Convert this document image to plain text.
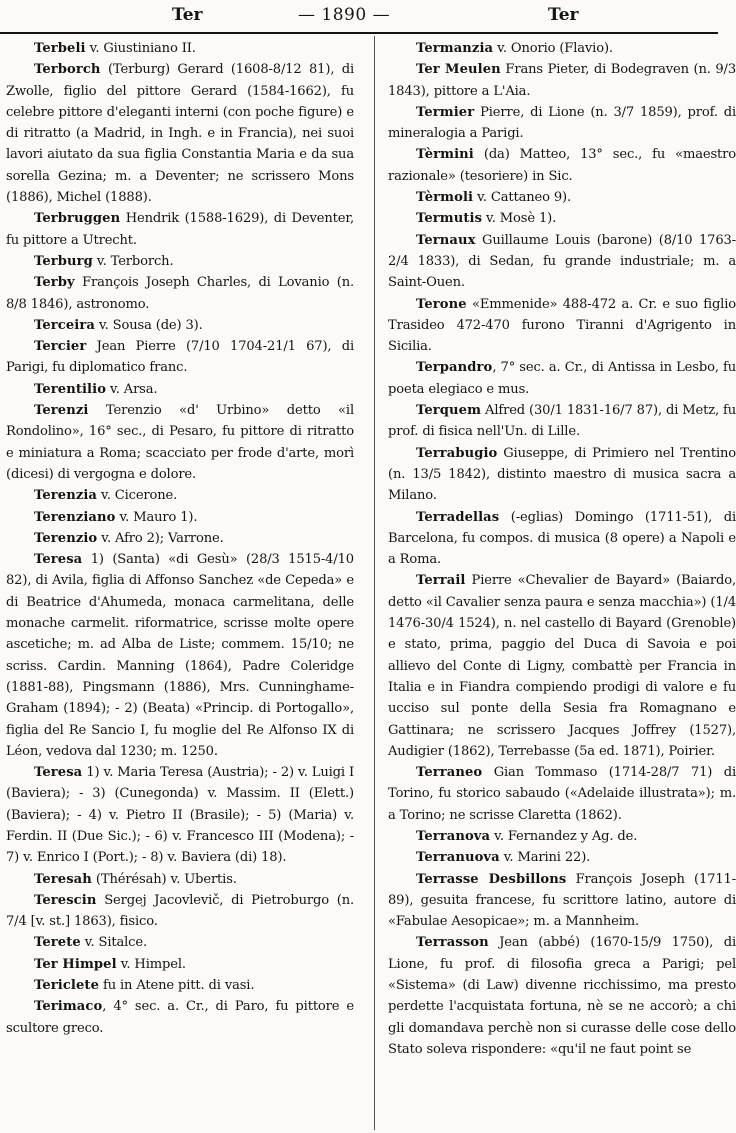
Ter	— 1890 —	Ter

Terbeli v. Giustiniano II.

Terborch (Terburg) Gerard (1608-8/12 81), di Zwolle, figlio del pittore Gerard (1584-1662), fu celebre pittore d'eleganti interni (con poche figure) e di ritratto (a Madrid, in Ingh. e in Francia), nei suoi lavori aiutato da sua figlia Constantia Maria e da sua sorella Gezina; m. a Deventer; ne scrissero Mons (1886), Michel (1888).

Terbruggen Hendrik (1588-1629), di Deventer, fu pittore a Utrecht.

Terburg v. Terborch.

Terby François Joseph Charles, di Lovanio (n. 8/8 1846), astronomo.

Terceira v. Sousa (de) 3).

Tercier Jean Pierre (7/10 1704-21/1 67), di Parigi, fu diplomatico franc.

Terentilio v. Arsa.

Terenzi Terenzio «d' Urbino» detto «il Rondolino», 16° sec., di Pesaro, fu pittore di ritratto e miniatura a Roma; scacciato per frode d'arte, morì (dicesi) di vergogna e dolore.

Terenzia v. Cicerone.

Terenziano v. Mauro 1).

Terenzio v. Afro 2); Varrone.

Teresa 1) (Santa) «di Gesù» (28/3 1515-4/10 82), di Avila, figlia di Affonso Sanchez «de Cepeda» e di Beatrice d'Ahumeda, monaca carmelitana, delle monache carmelit. riformatrice, scrisse molte opere ascetiche; m. ad Alba de Liste; commem. 15/10; ne scriss. Cardin. Manning (1864), Padre Coleridge (1881-88), Pingsmann (1886), Mrs. Cunninghame-Graham (1894); - 2) (Beata) «Princip. di Portogallo», figlia del Re Sancio I, fu moglie del Re Alfonso IX di Léon, vedova dal 1230; m. 1250.

Teresa 1) v. Maria Teresa (Austria); - 2) v. Luigi I (Baviera); - 3) (Cunegonda) v. Massim. II (Elett.) (Baviera); - 4) v. Pietro II (Brasile); - 5) (Maria) v. Ferdin. II (Due Sic.); - 6) v. Francesco III (Modena); - 7) v. Enrico I (Port.); - 8) v. Baviera (di) 18).

Teresah (Thérésah) v. Ubertis.

Terescin Sergej Jacovlevič, di Pietroburgo (n. 7/4 [v. st.] 1863), fisico.

Terete v. Sitalce.

Ter Himpel v. Himpel.

Tericlete fu in Atene pitt. di vasi.

Terimaco, 4° sec. a. Cr., di Paro, fu pittore e scultore greco.

Termanzia v. Onorio (Flavio).

Ter Meulen Frans Pieter, di Bodegraven (n. 9/3 1843), pittore a L'Aia.

Termier Pierre, di Lione (n. 3/7 1859), prof. di mineralogia a Parigi.

Tèrmini (da) Matteo, 13° sec., fu «maestro razionale» (tesoriere) in Sic.

Tèrmoli v. Cattaneo 9).

Termutis v. Mosè 1).

Ternaux Guillaume Louis (barone) (8/10 1763-2/4 1833), di Sedan, fu grande industriale; m. a Saint-Ouen.

Terone «Emmenide» 488-472 a. Cr. e suo figlio Trasideo 472-470 furono Tiranni d'Agrigento in Sicilia.

Terpandro, 7° sec. a. Cr., di Antissa in Lesbo, fu poeta elegiaco e mus.

Terquem Alfred (30/1 1831-16/7 87), di Metz, fu prof. di fisica nell'Un. di Lille.

Terrabugio Giuseppe, di Primiero nel Trentino (n. 13/5 1842), distinto maestro di musica sacra a Milano.

Terradellas (-eglias) Domingo (1711-51), di Barcelona, fu compos. di musica (8 opere) a Napoli e a Roma.

Terrail Pierre «Chevalier de Bayard» (Baiardo, detto «il Cavalier senza paura e senza macchia») (1/4 1476-30/4 1524), n. nel castello di Bayard (Grenoble) e stato, prima, paggio del Duca di Savoia e poi allievo del Conte di Ligny, combattè per Francia in Italia e in Fiandra compiendo prodigi di valore e fu ucciso sul ponte della Sesia fra Romagnano e Gattinara; ne scrissero Jacques Joffrey (1527), Audigier (1862), Terrebasse (5a ed. 1871), Poirier.

Terraneo Gian Tommaso (1714-28/7 71) di Torino, fu storico sabaudo («Adelaide illustrata»); m. a Torino; ne scrisse Claretta (1862).

Terranova v. Fernandez y Ag. de.

Terranuova v. Marini 22).

Terrasse Desbillons François Joseph (1711-89), gesuita francese, fu scrittore latino, autore di «Fabulae Aesopicae»; m. a Mannheim.

Terrasson Jean (abbé) (1670-15/9 1750), di Lione, fu prof. di filosofia greca a Parigi; pel «Sistema» (di Law) divenne ricchissimo, ma presto perdette l'acquistata fortuna, nè se ne accorò; a chi gli domandava perchè non si curasse delle cose dello Stato soleva rispondere: «qu'il ne faut point se
